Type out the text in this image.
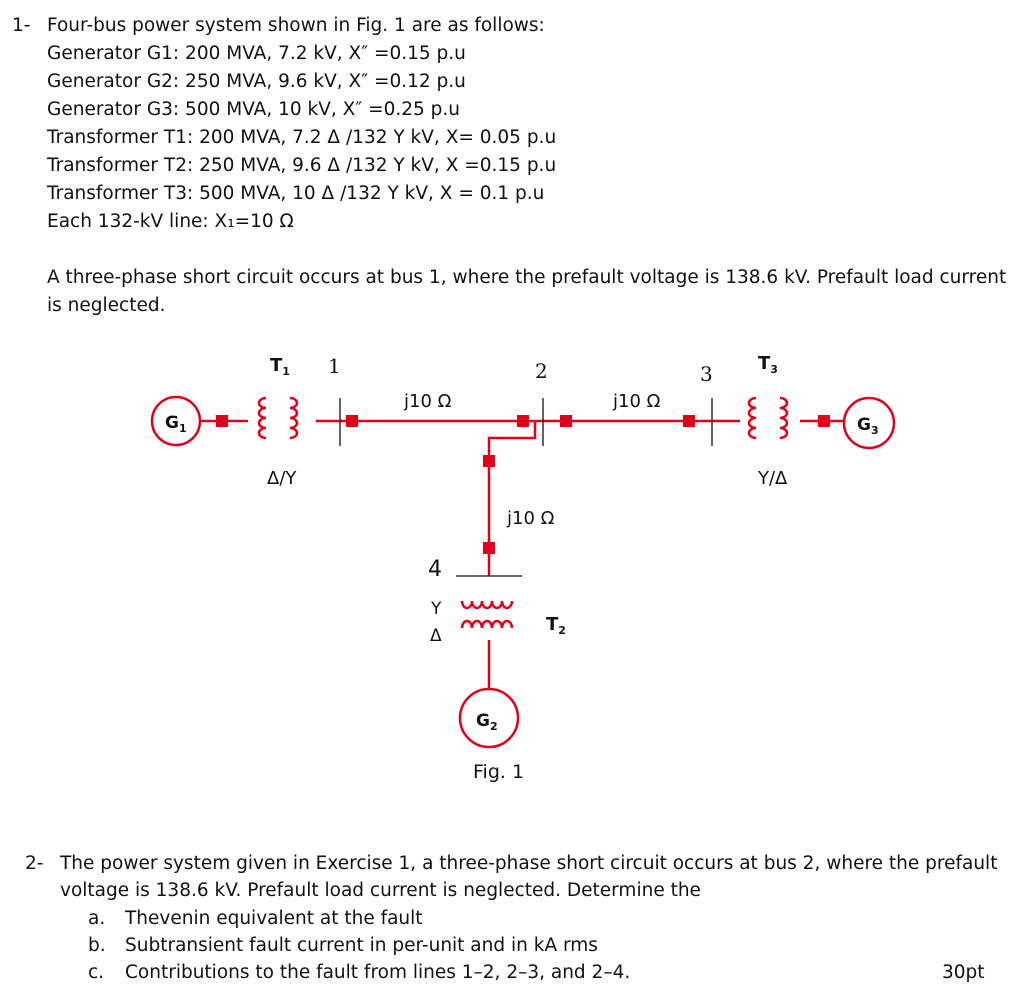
1- Four-bus power system shown in Fig. 1 are as follows:
Generator G1: 200 MVA, 7.2 kV, X″ =0.15 p.u
Generator G2: 250 MVA, 9.6 kV, X″ =0.12 p.u
Generator G3: 500 MVA, 10 kV, X″ =0.25 p.u
Transformer T1: 200 MVA, 7.2 Δ /132 Y kV, X= 0.05 p.u
Transformer T2: 250 MVA, 9.6 Δ /132 Y kV, X =0.15 p.u
Transformer T3: 500 MVA, 10 Δ /132 Y kV, X = 0.1 p.u
Each 132-kV line: X₁=10 Ω
A three-phase short circuit occurs at bus 1, where the prefault voltage is 138.6 kV. Prefault load current
is neglected.
$G_1$	$G_3$
$G_2$
$T_1$	$T_3$
$T_2$
1	2	3
4
j10 Ω	j10 Ω
j10 Ω
Δ/Y	Y/Δ
Y
Δ
Fig. 1
2- The power system given in Exercise 1, a three-phase short circuit occurs at bus 2, where the prefault
voltage is 138.6 kV. Prefault load current is neglected. Determine the
a. Thevenin equivalent at the fault
b. Subtransient fault current in per-unit and in kA rms
c. Contributions to the fault from lines 1–2, 2–3, and 2–4.	30pt
